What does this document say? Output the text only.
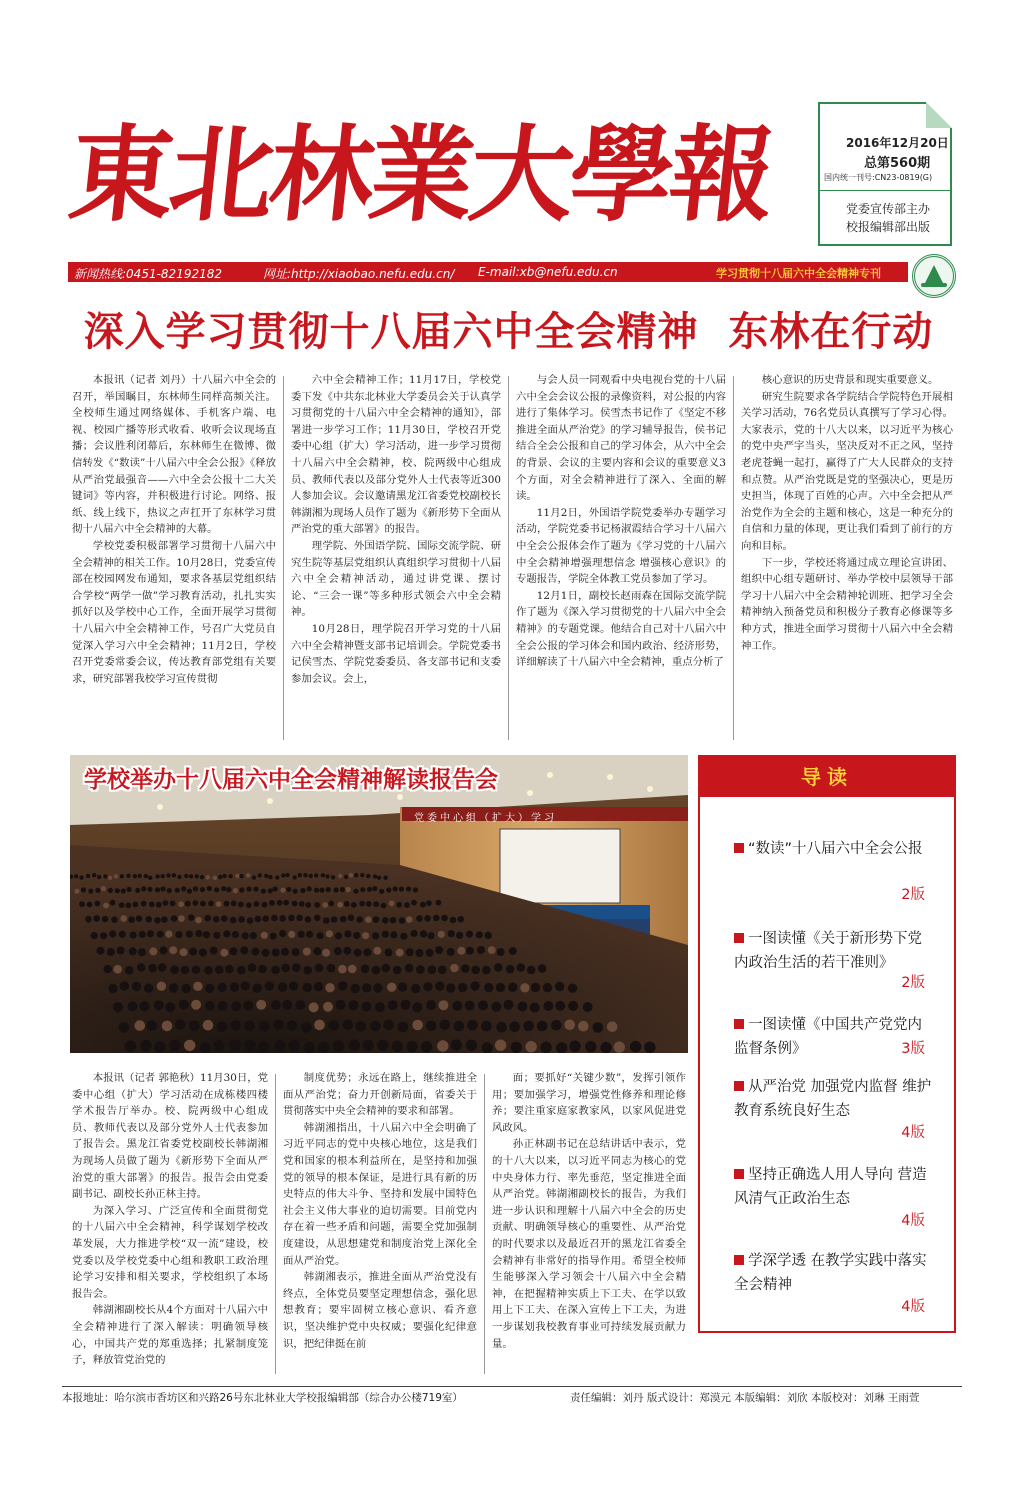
東北林業大學報	2016年12月20日
总第560期
国内统一刊号:CN23-0819(G)
党委宣传部主办
校报编辑部出版
新闻热线:0451-82192182	网址:http://xiaobao.nefu.edu.cn/ E-mail:xb@nefu.edu.cn	学习贯彻十八届六中全会精神专刊
深入学习贯彻十八届六中全会精神  东林在行动

本报讯（记者 刘丹）十八届六中全会的召开，举国瞩目，东林师生同样高频关注。全校师生通过网络媒体、手机客户端、电视、校园广播等形式收看、收听会议现场直播；会议胜利闭幕后，东林师生在微博、微信转发《“数读”十八届六中全会公报》《释放从严治党最强音——六中全会公报十二大关键词》等内容，并积极进行讨论。网络、报纸、线上线下，热议之声扛开了东林学习贯彻十八届六中全会精神的大幕。

学校党委积极部署学习贯彻十八届六中全会精神的相关工作。10月28日，党委宣传部在校园网发布通知，要求各基层党组织结合学校“两学一做”学习教育活动，扎扎实实抓好以及学校中心工作，全面开展学习贯彻十八届六中全会精神工作，号召广大党员自觉深入学习六中全会精神；11月2日，学校召开党委常委会议，传达教育部党组有关要求，研究部署我校学习宣传贯彻

六中全会精神工作；11月17日，学校党委下发《中共东北林业大学委员会关于认真学习贯彻党的十八届六中全会精神的通知》，部署进一步学习工作；11月30日，学校召开党委中心组（扩大）学习活动，进一步学习贯彻十八届六中全会精神，校、院两级中心组成员、教师代表以及部分党外人士代表等近300人参加会议。会议邀请黑龙江省委党校副校长韩湖湘为现场人员作了题为《新形势下全面从严治党的重大部署》的报告。

理学院、外国语学院、国际交流学院、研究生院等基层党组织认真组织学习贯彻十八届六中全会精神活动，通过讲党课、摆讨论、“三会一课”等多种形式领会六中全会精神。

10月28日，理学院召开学习党的十八届六中全会精神暨支部书记培训会。学院党委书记侯雪杰、学院党委委员、各支部书记和支委参加会议。会上，

与会人员一同观看中央电视台党的十八届六中全会会议公报的录像资料，对公报的内容进行了集体学习。侯雪杰书记作了《坚定不移推进全面从严治党》的学习辅导报告，侯书记结合全会公报和自己的学习体会，从六中全会的背景、会议的主要内容和会议的重要意义3个方面，对全会精神进行了深入、全面的解读。

11月2日，外国语学院党委举办专题学习活动，学院党委书记杨淑霞结合学习十八届六中全会公报体会作了题为《学习党的十八届六中全会精神增强理想信念 增强核心意识》的专题报告，学院全体教工党员参加了学习。

12月1日，副校长赵雨森在国际交流学院作了题为《深入学习贯彻党的十八届六中全会精神》的专题党课。他结合自己对十八届六中全会公报的学习体会和国内政治、经济形势，详细解读了十八届六中全会精神，重点分析了

核心意识的历史背景和现实重要意义。

研究生院要求各学院结合学院特色开展相关学习活动，76名党员认真撰写了学习心得。大家表示，党的十八大以来，以习近平为核心的党中央严字当头，坚决反对不正之风，坚持老虎苍蝇一起打，赢得了广大人民群众的支持和点赞。从严治党既是党的坚强决心，更是历史担当，体现了百姓的心声。六中全会把从严治党作为全会的主题和核心，这是一种充分的自信和力量的体现，更让我们看到了前行的方向和目标。

下一步，学校还将通过成立理论宣讲团、组织中心组专题研讨、举办学校中层领导干部学习十八届六中全会精神轮训班、把学习全会精神纳入预备党员和积极分子教育必修课等多种方式，推进全面学习贯彻十八届六中全会精神工作。

学校举办十八届六中全会精神解读报告会
党委中心组（扩大）学习
导读
“数读”十八届六中全会公报
2版
一图读懂《关于新形势下党内政治生活的若干准则》
2版
一图读懂《中国共产党党内监督条例》	3版
从严治党 加强党内监督 维护教育系统良好生态
4版
坚持正确选人用人导向 营造风清气正政治生态
4版
学深学透 在教学实践中落实全会精神
4版

本报讯（记者 郭艳秋）11月30日，党委中心组（扩大）学习活动在成栋楼四楼学术报告厅举办。校、院两级中心组成员、教师代表以及部分党外人士代表参加了报告会。黑龙江省委党校副校长韩湖湘为现场人员做了题为《新形势下全面从严治党的重大部署》的报告。报告会由党委副书记、副校长孙正林主持。

为深入学习、广泛宣传和全面贯彻党的十八届六中全会精神，科学谋划学校改革发展，大力推进学校“双一流”建设，校党委以及学校党委中心组和教职工政治理论学习安排和相关要求，学校组织了本场报告会。

韩湖湘副校长从4个方面对十八届六中全会精神进行了深入解读：明确领导核心，中国共产党的郑重选择；扎紧制度笼子，释放管党治党的

制度优势；永远在路上，继续推进全面从严治党；奋力开创新局面，省委关于贯彻落实中央全会精神的要求和部署。

韩湖湘指出，十八届六中全会明确了习近平同志的党中央核心地位，这是我们党和国家的根本利益所在，是坚持和加强党的领导的根本保证，是进行具有新的历史特点的伟大斗争、坚持和发展中国特色社会主义伟大事业的迫切需要。目前党内存在着一些矛盾和问题，需要全党加强制度建设，从思想建党和制度治党上深化全面从严治党。

韩湖湘表示，推进全面从严治党没有终点，全体党员要坚定理想信念，强化思想教育；要牢固树立核心意识、看齐意识，坚决维护党中央权威；要强化纪律意识，把纪律挺在前

面；要抓好“关键少数”，发挥引领作用；要加强学习，增强党性修养和理论修养；要注重家庭家教家风，以家风促进党风政风。

孙正林副书记在总结讲话中表示，党的十八大以来，以习近平同志为核心的党中央身体力行、率先垂范，坚定推进全面从严治党。韩湖湘副校长的报告，为我们进一步认识和理解十八届六中全会的历史贡献、明确领导核心的重要性、从严治党的时代要求以及最近召开的黑龙江省委全会精神有非常好的指导作用。希望全校师生能够深入学习领会十八届六中全会精神，在把握精神实质上下工夫、在学以致用上下工夫、在深入宣传上下工夫，为进一步谋划我校教育事业可持续发展贡献力量。

本报地址：哈尔滨市香坊区和兴路26号东北林业大学校报编辑部（综合办公楼719室）	责任编辑：刘丹 版式设计：郑漠元 本版编辑：刘欣 本版校对：刘琳 王雨萱
